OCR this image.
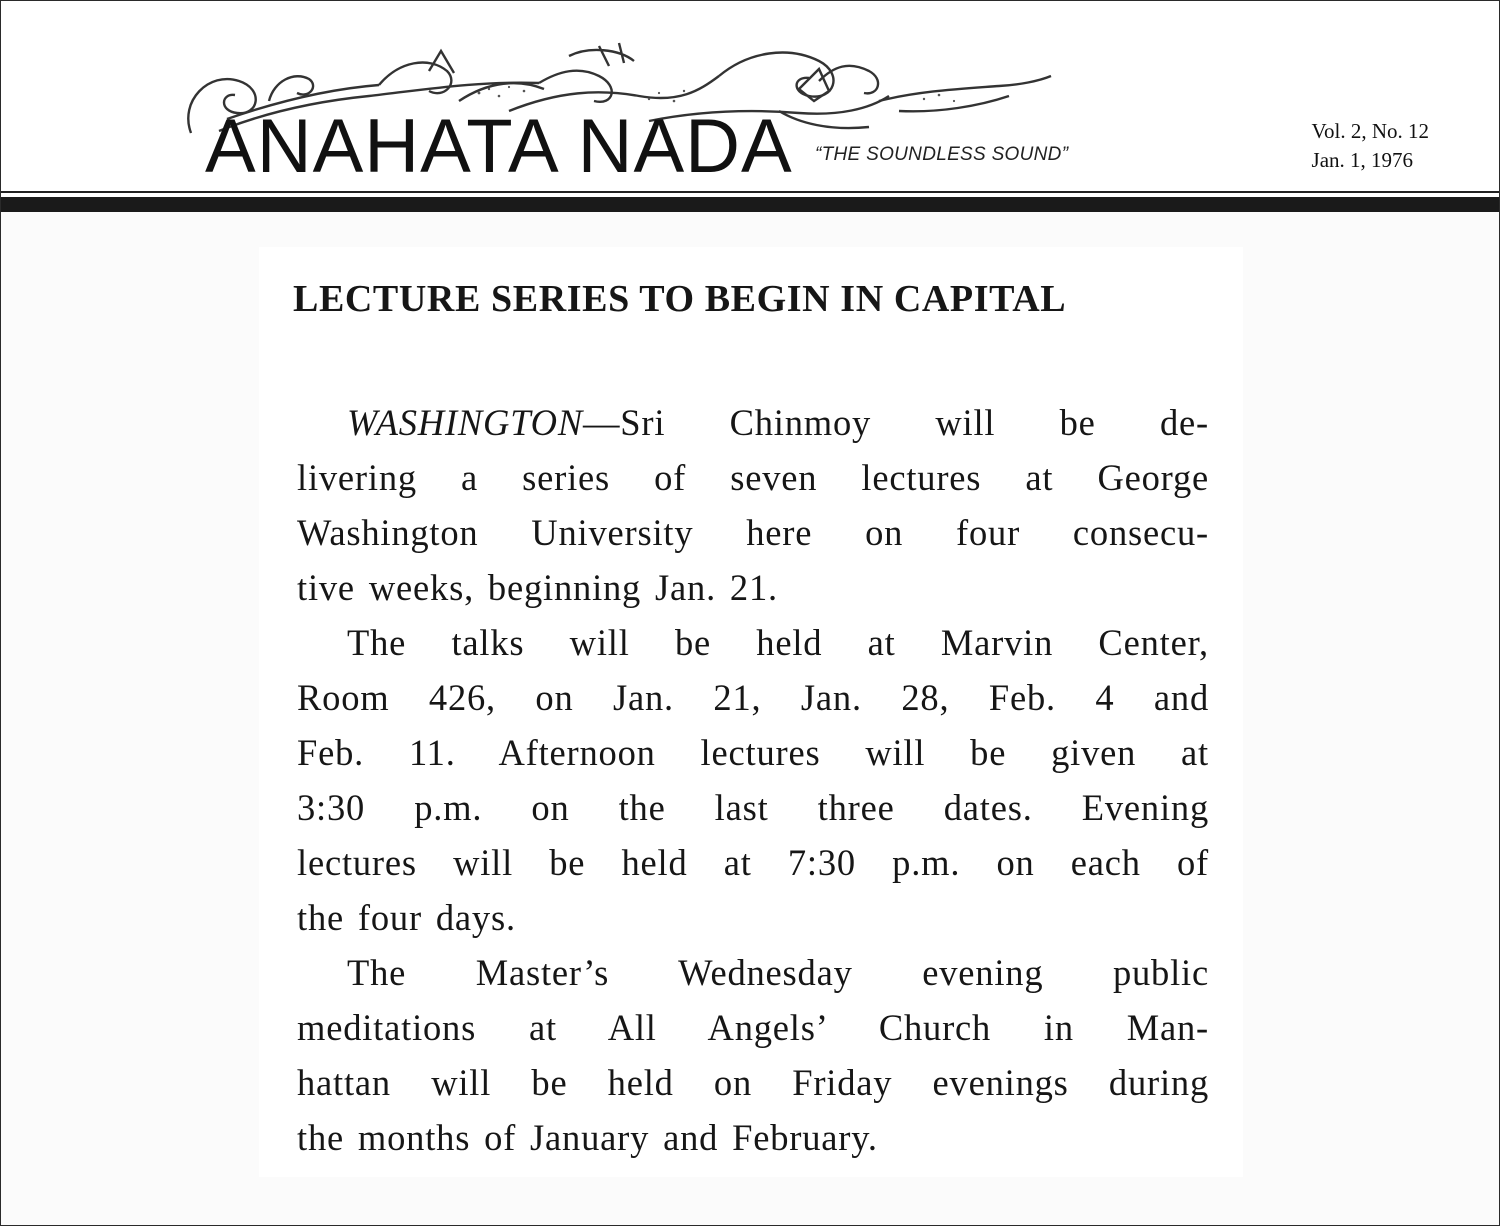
ANAHATA NADA “THE SOUNDLESS SOUND”
Vol. 2, No. 12
Jan. 1, 1976
LECTURE SERIES TO BEGIN IN CAPITAL

WASHINGTON—Sri Chinmoy will be de-
livering a series of seven lectures at George
Washington University here on four consecu-
tive weeks, beginning Jan. 21.

The talks will be held at Marvin Center,
Room 426, on Jan. 21, Jan. 28, Feb. 4 and
Feb. 11. Afternoon lectures will be given at
3:30 p.m. on the last three dates. Evening
lectures will be held at 7:30 p.m. on each of
the four days.

The Master’s Wednesday evening public
meditations at All Angels’ Church in Man-
hattan will be held on Friday evenings during
the months of January and February.
